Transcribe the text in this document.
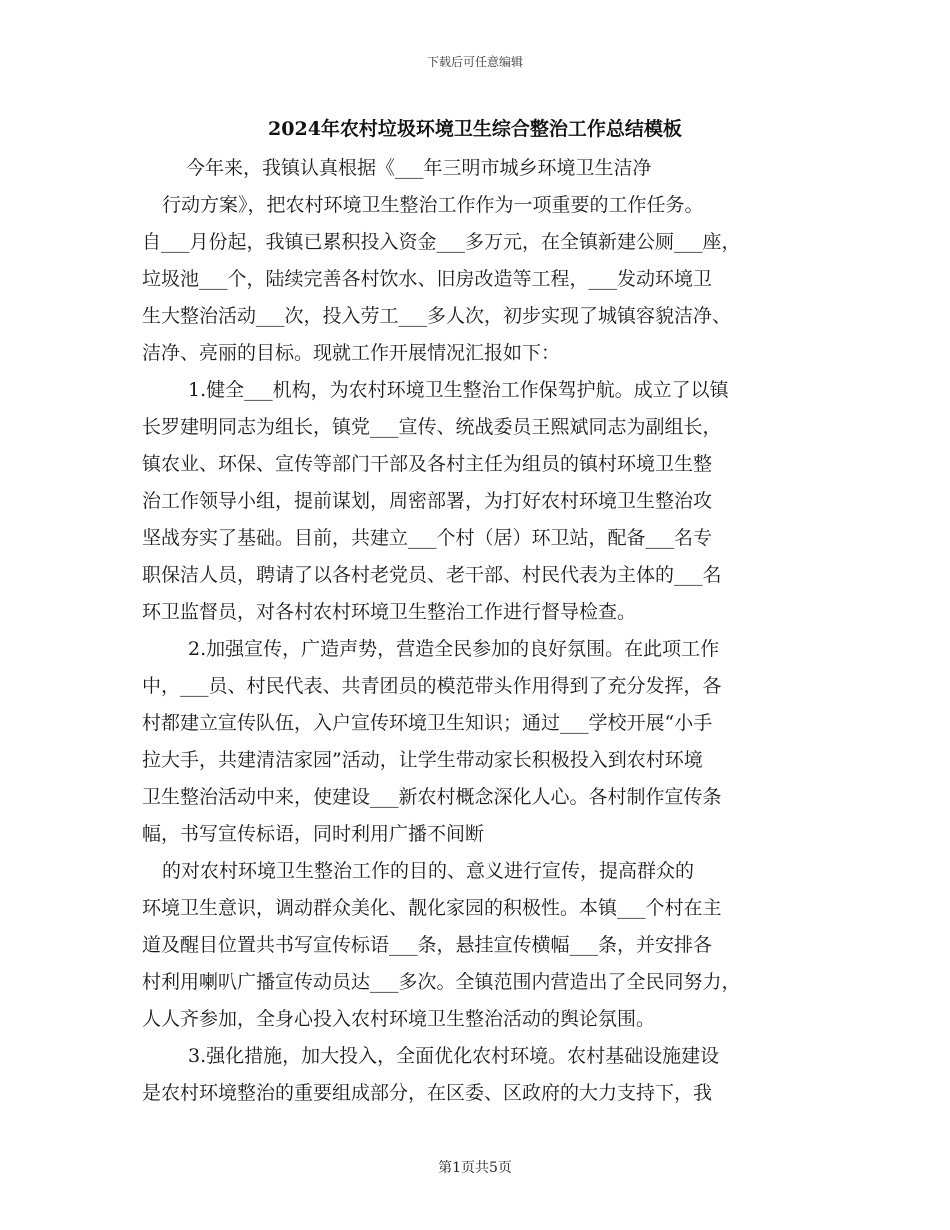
下载后可任意编辑
2024年农村垃圾环境卫生综合整治工作总结模板
今年来，我镇认真根据《___年三明市城乡环境卫生洁净
行动方案》，把农村环境卫生整治工作作为一项重要的工作任务。
自___月份起，我镇已累积投入资金___多万元，在全镇新建公厕___座，
垃圾池___个，陆续完善各村饮水、旧房改造等工程，___发动环境卫
生大整治活动___次，投入劳工___多人次，初步实现了城镇容貌洁净、
洁净、亮丽的目标。现就工作开展情况汇报如下：
1.健全___机构，为农村环境卫生整治工作保驾护航。成立了以镇
长罗建明同志为组长，镇党___宣传、统战委员王熙斌同志为副组长，
镇农业、环保、宣传等部门干部及各村主任为组员的镇村环境卫生整
治工作领导小组，提前谋划，周密部署，为打好农村环境卫生整治攻
坚战夯实了基础。目前，共建立___个村（居）环卫站，配备___名专
职保洁人员，聘请了以各村老党员、老干部、村民代表为主体的___名
环卫监督员，对各村农村环境卫生整治工作进行督导检查。
2.加强宣传，广造声势，营造全民参加的良好氛围。在此项工作
中，___员、村民代表、共青团员的模范带头作用得到了充分发挥，各
村都建立宣传队伍，入户宣传环境卫生知识；通过___学校开展“小手
拉大手，共建清洁家园”活动，让学生带动家长积极投入到农村环境
卫生整治活动中来，使建设___新农村概念深化人心。各村制作宣传条
幅，书写宣传标语，同时利用广播不间断
的对农村环境卫生整治工作的目的、意义进行宣传，提高群众的
环境卫生意识，调动群众美化、靓化家园的积极性。本镇___个村在主
道及醒目位置共书写宣传标语___条，悬挂宣传横幅___条，并安排各
村利用喇叭广播宣传动员达___多次。全镇范围内营造出了全民同努力，
人人齐参加，全身心投入农村环境卫生整治活动的舆论氛围。
3.强化措施，加大投入，全面优化农村环境。农村基础设施建设
是农村环境整治的重要组成部分，在区委、区政府的大力支持下，我
第1页共5页
